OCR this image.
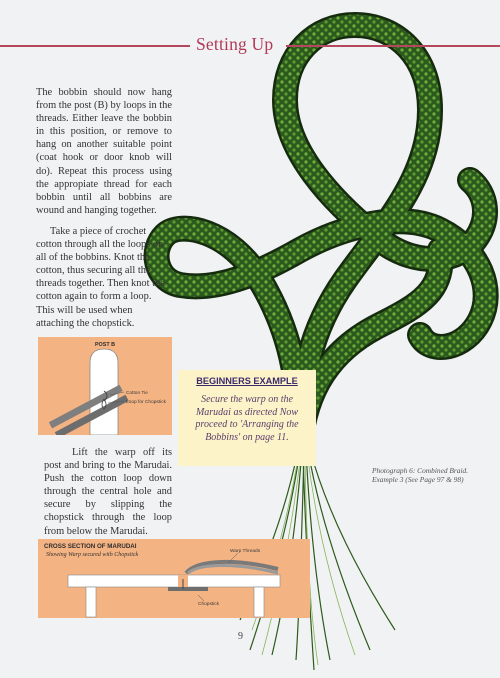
Setting Up
The bobbin should now hang from the post (B) by loops in the threads. Either leave the bobbin in this position, or remove to hang on another suitable point (coat hook or door knob will do). Repeat this process using the appropiate thread for each bobbin until all bobbins are wound and hanging together.
Take a piece of crochet cotton through all the loops on all of the bobbins. Knot the cotton, thus securing all the threads together. Then knot the cotton again to form a loop. This will be used when attaching the chopstick.
POST B
Cotton Tie
Loop for Chopstick
Lift the warp off its post and bring to the Marudai. Push the cotton loop down through the central hole and secure by slipping the chopstick through the loop from below the Marudai.
BEGINNERS EXAMPLE
Secure the warp on the Marudai as directed Now proceed to 'Arranging the Bobbins' on page 11.
Photograph 6: Combined Braid.
Example 3 (See Page 97 & 98)
CROSS SECTION OF MARUDAI
Showing Warp secured with Chopstick
Warp Threads
Chopstick
9
